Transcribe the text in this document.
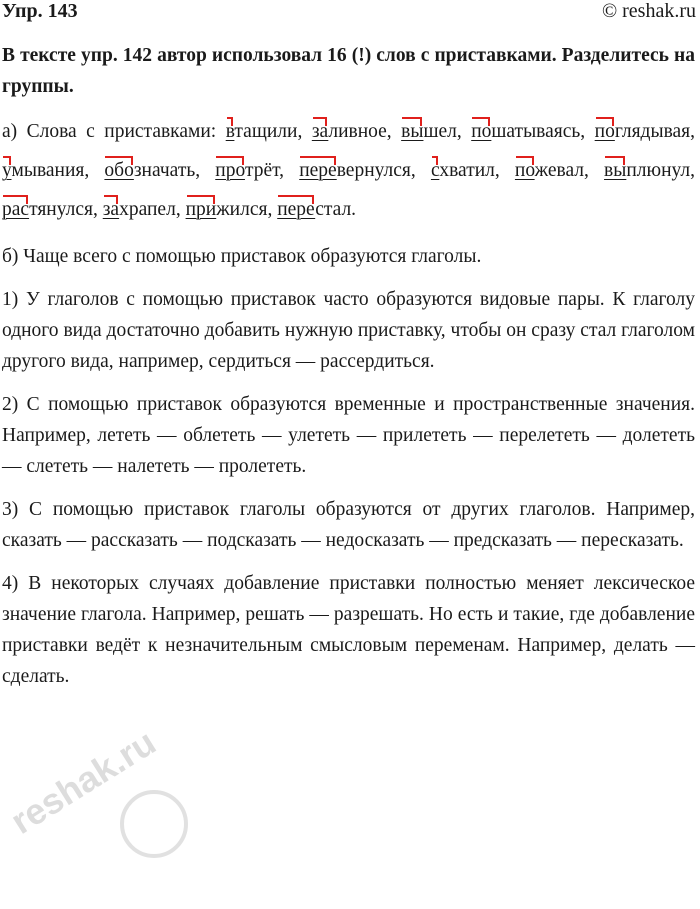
Упр. 143	© reshak.ru

В тексте упр. 142 автор использовал 16 (!) слов с приставками. Разделитесь на группы.

а) Слова с приставками: втащили, заливное, вышел, пошатываясь, поглядывая, умывания, обозначать, протрёт, перевернулся, схватил, пожевал, выплюнул, растянулся, захрапел, прижился, перестал.

б) Чаще всего с помощью приставок образуются глаголы.

1) У глаголов с помощью приставок часто образуются видовые пары. К глаголу одного вида достаточно добавить нужную приставку, чтобы он сразу стал глаголом другого вида, например, сердиться — рассердиться.

2) С помощью приставок образуются временные и пространственные значения. Например, лететь — облететь — улететь — прилететь — перелететь — долететь — слететь — налететь — пролететь.

3) С помощью приставок глаголы образуются от других глаголов. Например, сказать — рассказать — подсказать — недосказать — предсказать — пересказать.

4) В некоторых случаях добавление приставки полностью меняет лексическое значение глагола. Например, решать — разрешать. Но есть и такие, где добавление приставки ведёт к незначительным смысловым переменам. Например, делать — сделать.

reshak.ru
